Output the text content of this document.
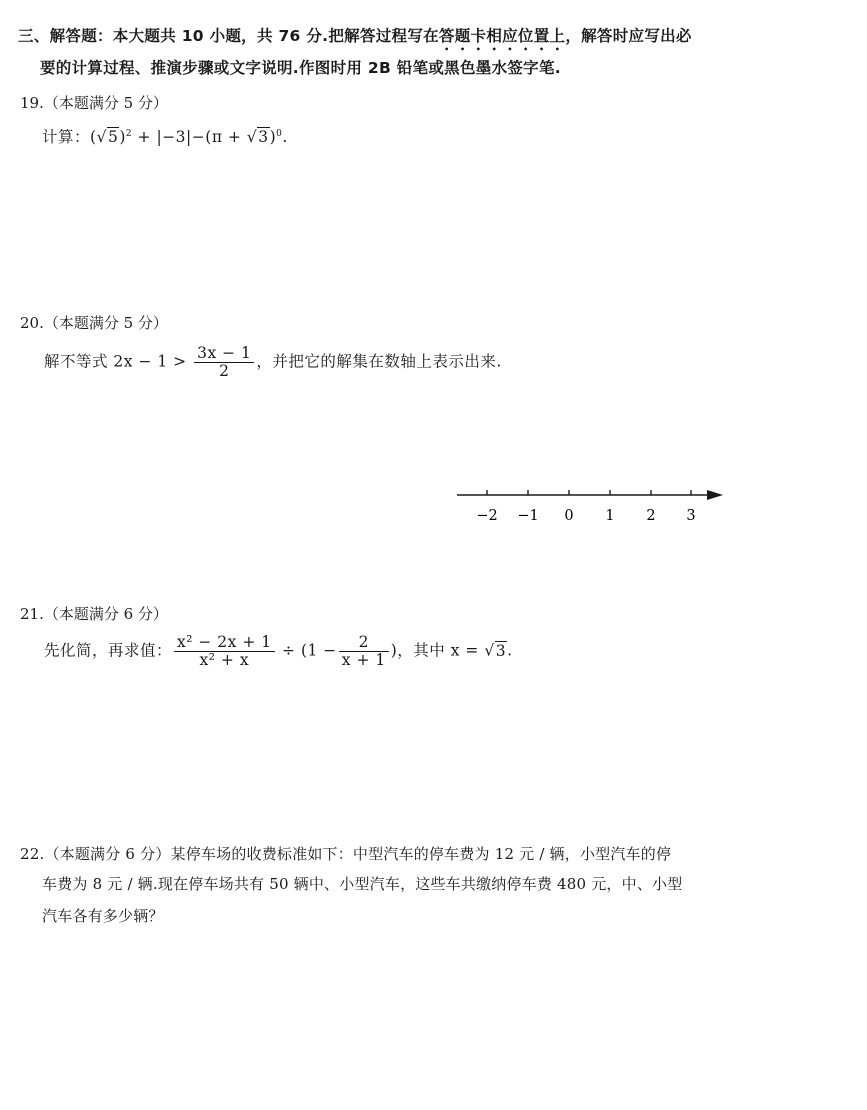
三、解答题：本大题共 10 小题，共 76 分.把解答过程写在答题卡相应位置上，解答时应写出必
要的计算过程、推演步骤或文字说明.作图时用 2B 铅笔或黑色墨水签字笔.
19.（本题满分 5 分）
计算：$(√5)^2 + |-3|-(\pi + √3)^0$.
20.（本题满分 5 分）
解不等式 $2x - 1 > \frac{3x - 1}{2}$ ，并把它的解集在数轴上表示出来.
−2 −1 0 1 2 3
21.（本题满分 6 分）
先化简，再求值： $\frac{\text{x² − 2x + 1}}{\text{x² + x}} \div (1 - \frac{2}{x + 1}$ )，其中 x = √3.
22.（本题满分 6 分）某停车场的收费标准如下：中型汽车的停车费为 12 元 / 辆，小型汽车的停
车费为 8 元 / 辆.现在停车场共有 50 辆中、小型汽车，这些车共缴纳停车费 480 元，中、小型
汽车各有多少辆？
